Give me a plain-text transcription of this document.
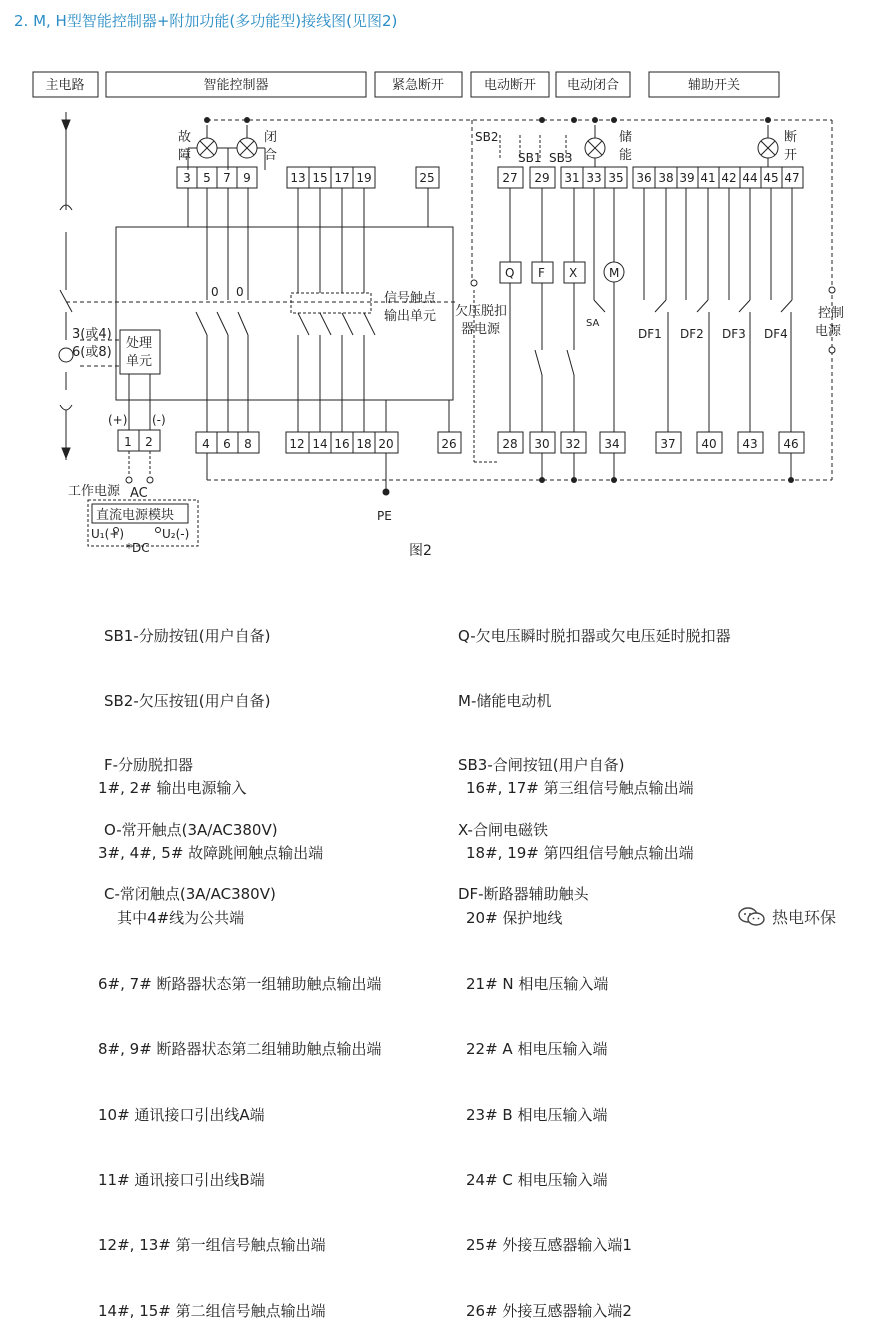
2. M, H型智能控制器+附加功能(多功能型)接线图(见图2)
故 障 闭 合 储 能 断 开
SB2
SB1 SB3
Q F X	M
SA
0 0
DF1 DF2 DF3 DF4
信号触点
输出单元 欠压脱扣
器电源
控制
电源
3(或4)
6(或8)
处理
单元
(+) (-)
工作电源 AC
直流电源模块
U₁(+)	U₂(-)
*DC
PE
主电路	智能控制器	紧急断开	电动断开 电动闭合	辅助开关
3 5 7 9	13 15 17 19	25	27 29 31 33 35 36 38 39 41 42 44 45 47
1 2	4 6 8	12 14 16 18 20	26	28 30 32 34	37 40 43 46
图2

SB1-分励按钮(用户自备)

SB2-欠压按钮(用户自备)

F-分励脱扣器

O-常开触点(3A/AC380V)

C-常闭触点(3A/AC380V)

Q-欠电压瞬时脱扣器或欠电压延时脱扣器

M-储能电动机

SB3-合闸按钮(用户自备)

X-合闸电磁铁

DF-断路器辅助触头

1#, 2# 输出电源输入

3#, 4#, 5# 故障跳闸触点输出端

其中4#线为公共端

6#, 7# 断路器状态第一组辅助触点输出端

8#, 9# 断路器状态第二组辅助触点输出端

10# 通讯接口引出线A端

11# 通讯接口引出线B端

12#, 13# 第一组信号触点输出端

14#, 15# 第二组信号触点输出端

16#, 17# 第三组信号触点输出端

18#, 19# 第四组信号触点输出端

20# 保护地线

21# N 相电压输入端

22# A 相电压输入端

23# B 相电压输入端

24# C 相电压输入端

25# 外接互感器输入端1

26# 外接互感器输入端2

热电环保
